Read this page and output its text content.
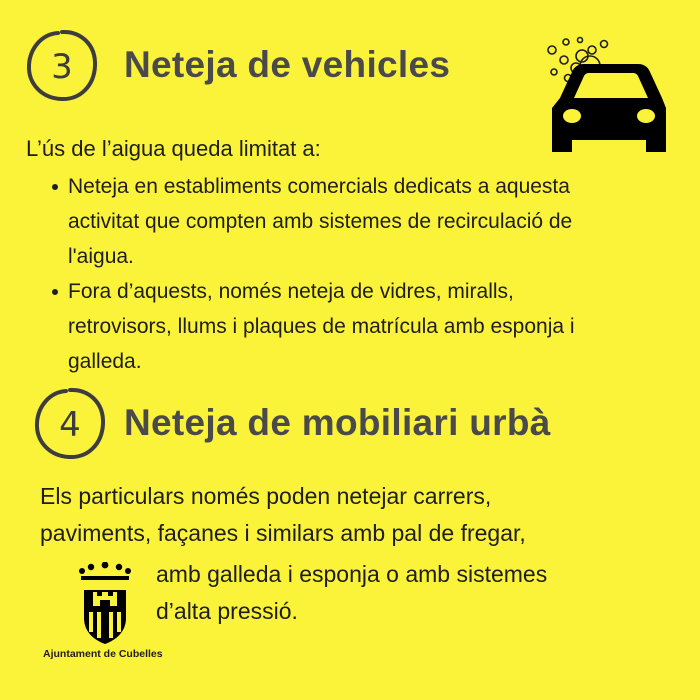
3 Neteja de vehicles
L’ús de l’aigua queda limitat a:
Neteja en establiments comercials dedicats a aquesta
activitat que compten amb sistemes de recirculació de
l'aigua.
Fora d’aquests, només neteja de vidres, miralls,
retrovisors, llums i plaques de matrícula amb esponja i
galleda.
4 Neteja de mobiliari urbà
Els particulars només poden netejar carrers,
paviments, façanes i similars amb pal de fregar,
amb galleda i esponja o amb sistemes
d’alta pressió.
Ajuntament de Cubelles
